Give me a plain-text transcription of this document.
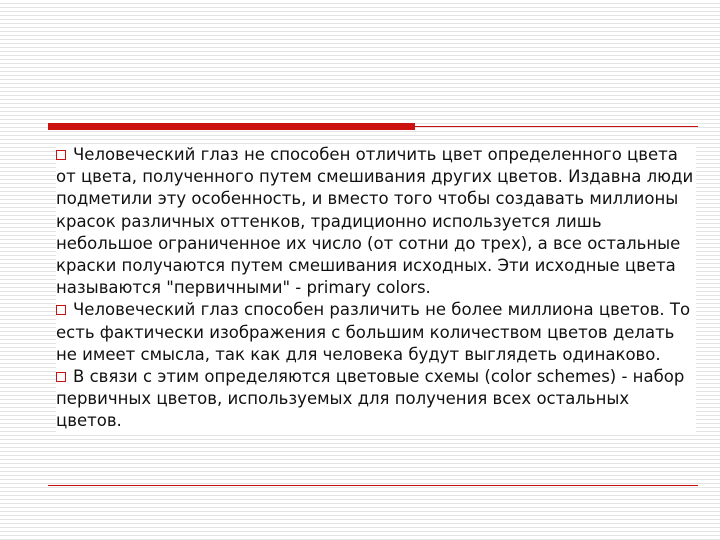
Человеческий глаз не способен отличить цвет определенного цвета от цвета, полученного путем смешивания других цветов. Издавна люди подметили эту особенность, и вместо того чтобы создавать миллионы красок различных оттенков, традиционно используется лишь небольшое ограниченное их число (от сотни до трех), а все остальные краски получаются путем смешивания исходных. Эти исходные цвета называются "первичными" - primary colors.

Человеческий глаз способен различить не более миллиона цветов. То есть фактически изображения с большим количеством цветов делать не имеет смысла, так как для человека будут выглядеть одинаково.

В связи с этим определяются цветовые схемы (color schemes) - набор первичных цветов, используемых для получения всех остальных цветов.
